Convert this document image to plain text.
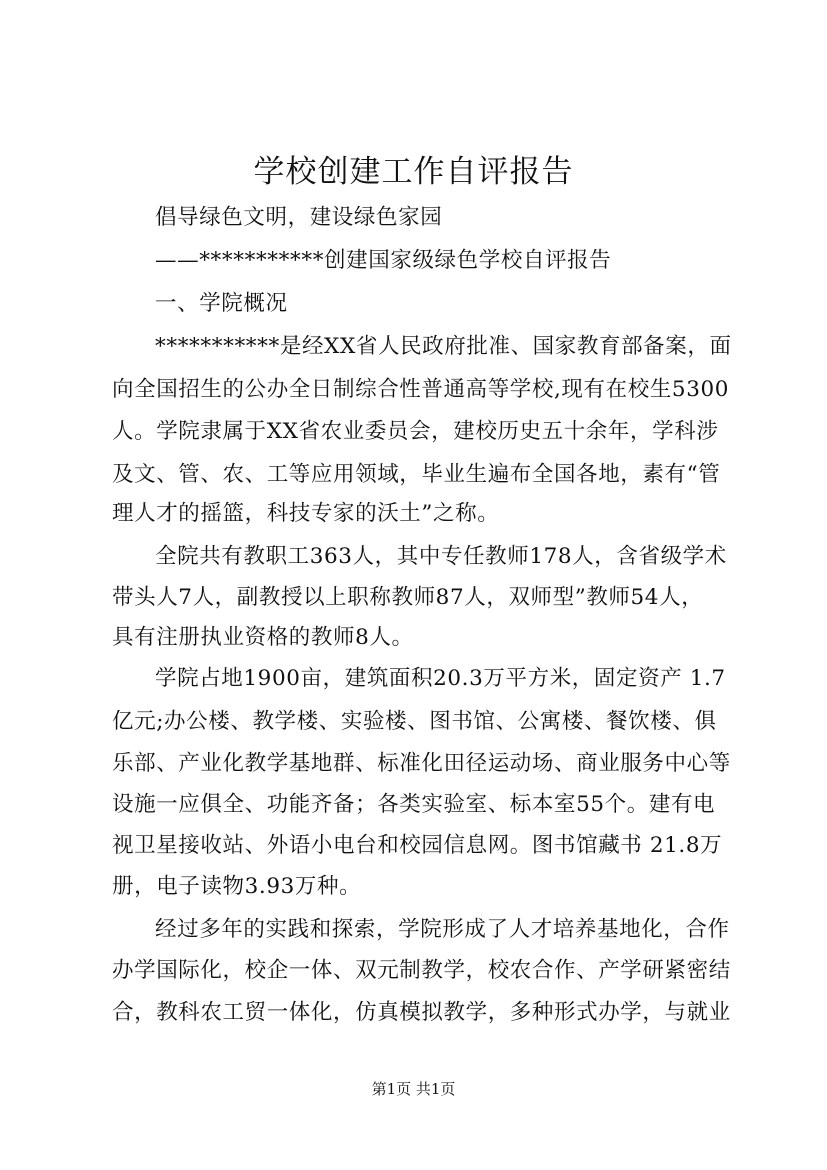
学校创建工作自评报告
倡导绿色文明，建设绿色家园
——***********创建国家级绿色学校自评报告
一、学院概况
***********是经XX省人民政府批准、国家教育部备案，面
向全国招生的公办全日制综合性普通高等学校,现有在校生5300
人。学院隶属于XX省农业委员会，建校历史五十余年，学科涉
及文、管、农、工等应用领域，毕业生遍布全国各地，素有“管
理人才的摇篮，科技专家的沃土”之称。
全院共有教职工363人，其中专任教师178人，含省级学术
带头人7人，副教授以上职称教师87人，双师型”教师54人，
具有注册执业资格的教师8人。
学院占地1900亩，建筑面积20.3万平方米，固定资产 1.7
亿元;办公楼、教学楼、实验楼、图书馆、公寓楼、餐饮楼、俱
乐部、产业化教学基地群、标准化田径运动场、商业服务中心等
设施一应俱全、功能齐备；各类实验室、标本室55个。建有电
视卫星接收站、外语小电台和校园信息网。图书馆藏书 21.8万
册，电子读物3.93万种。
经过多年的实践和探索，学院形成了人才培养基地化，合作
办学国际化，校企一体、双元制教学，校农合作、产学研紧密结
合，教科农工贸一体化，仿真模拟教学，多种形式办学，与就业
第1页 共1页
